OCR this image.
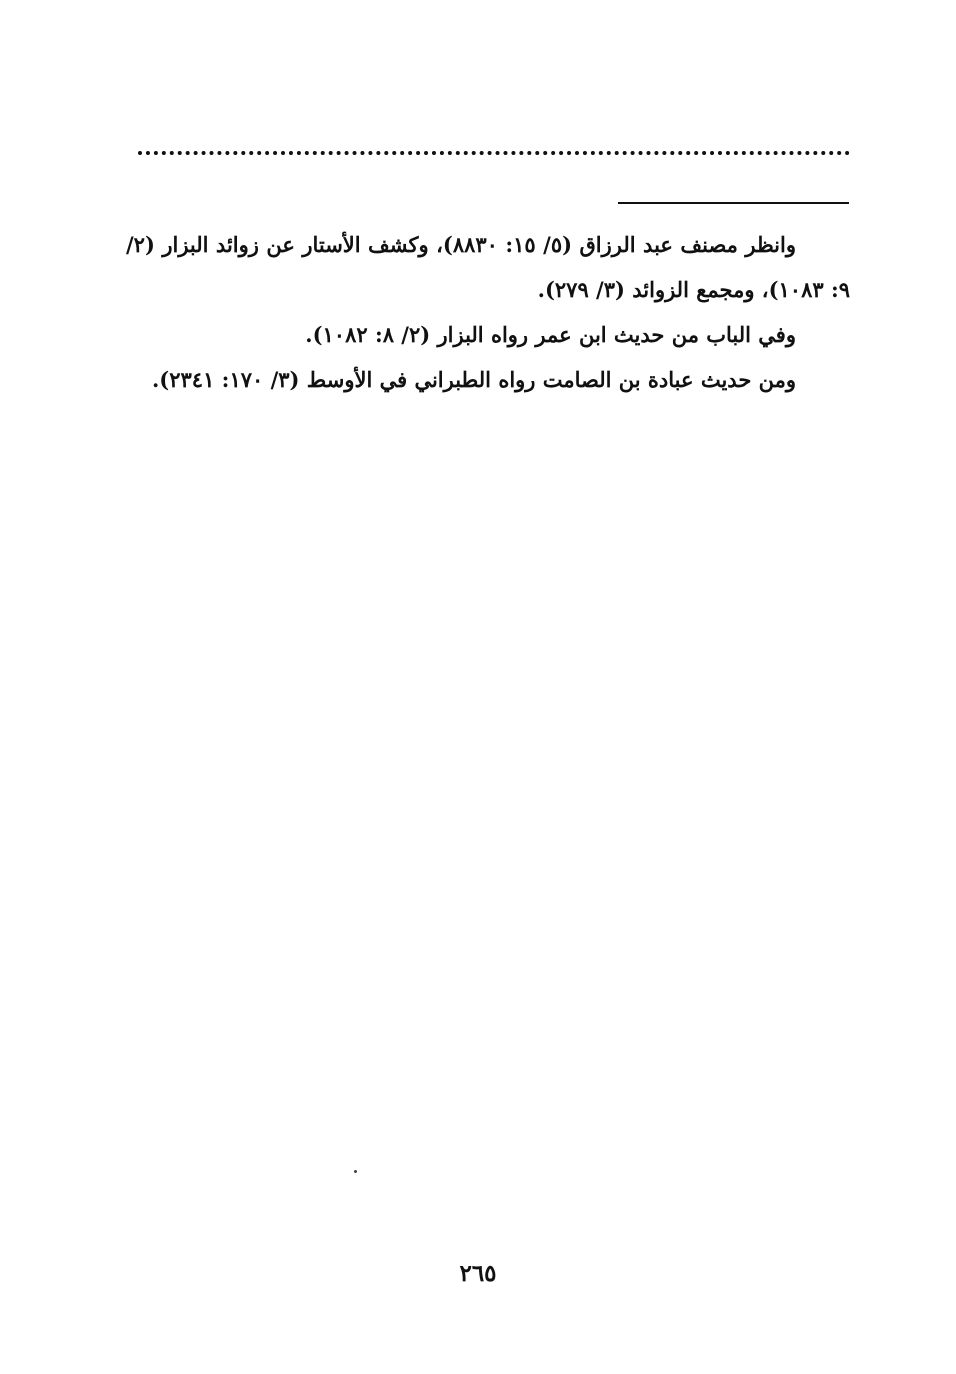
وانظر مصنف عبد الرزاق (٥/ ١٥: ٨٨٣٠)، وكشف الأستار عن زوائد البزار (٢/ ٩: ١٠٨٣)، ومجمع الزوائد (٣/ ٢٧٩).

وفي الباب من حديث ابن عمر رواه البزار (٢/ ٨: ١٠٨٢).

ومن حديث عبادة بن الصامت رواه الطبراني في الأوسط (٣/ ١٧٠: ٢٣٤١).

٢٦٥
